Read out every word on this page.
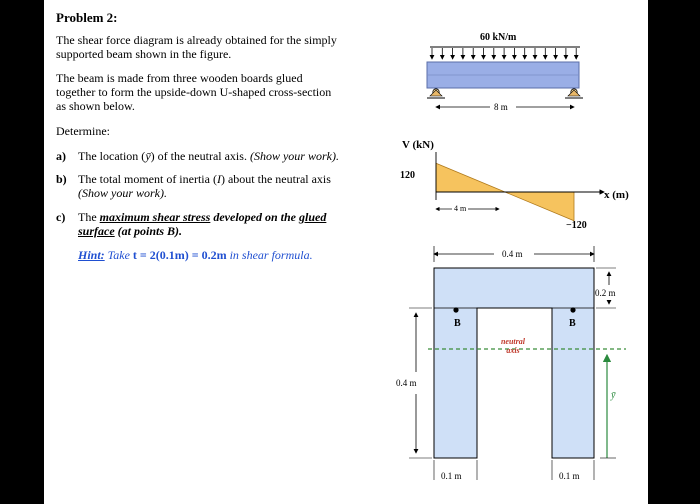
Problem 2:
The shear force diagram is already obtained for the simply
supported beam shown in the figure.
The beam is made from three wooden boards glued
together to form the upside-down U-shaped cross-section
as shown below.
Determine:
a) The location (ȳ) of the neutral axis. (Show your work).
b) The total moment of inertia (I) about the neutral axis
(Show your work).
c) The maximum shear stress developed on the glued
surface (at points B).
Hint: Take t = 2(0.1m) = 0.2m in shear formula.
60 kN/m
8 m
V (kN)
120
x (m)
−120
4 m
0.4 m
0.2 m
0.4 m
0.1 m	0.1 m
B	B
neutral
axis
ȳ
